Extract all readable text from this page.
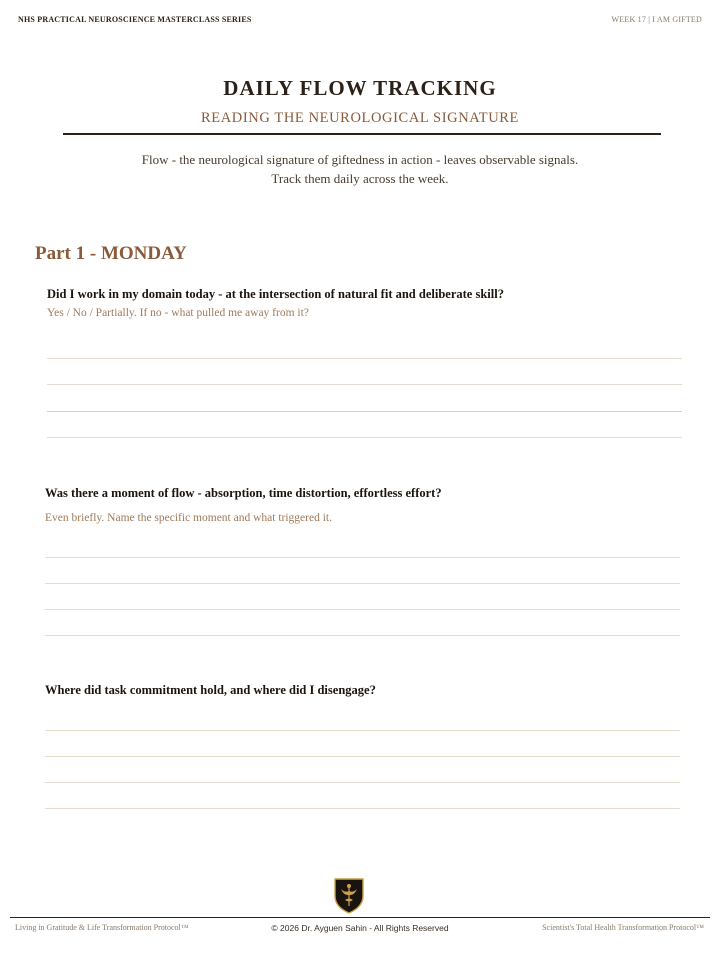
NHS PRACTICAL NEUROSCIENCE MASTERCLASS SERIES	WEEK 17 | I AM GIFTED
DAILY FLOW TRACKING
READING THE NEUROLOGICAL SIGNATURE
Flow - the neurological signature of giftedness in action - leaves observable signals.
Track them daily across the week.
Part 1 - MONDAY
Did I work in my domain today - at the intersection of natural fit and deliberate skill?
Yes / No / Partially. If no - what pulled me away from it?
Was there a moment of flow - absorption, time distortion, effortless effort?
Even briefly. Name the specific moment and what triggered it.
Where did task commitment hold, and where did I disengage?
Living in Gratitude & Life Transformation Protocol™	© 2026 Dr. Ayguen Sahin - All Rights Reserved	Scientist's Total Health Transformation Protocol™
